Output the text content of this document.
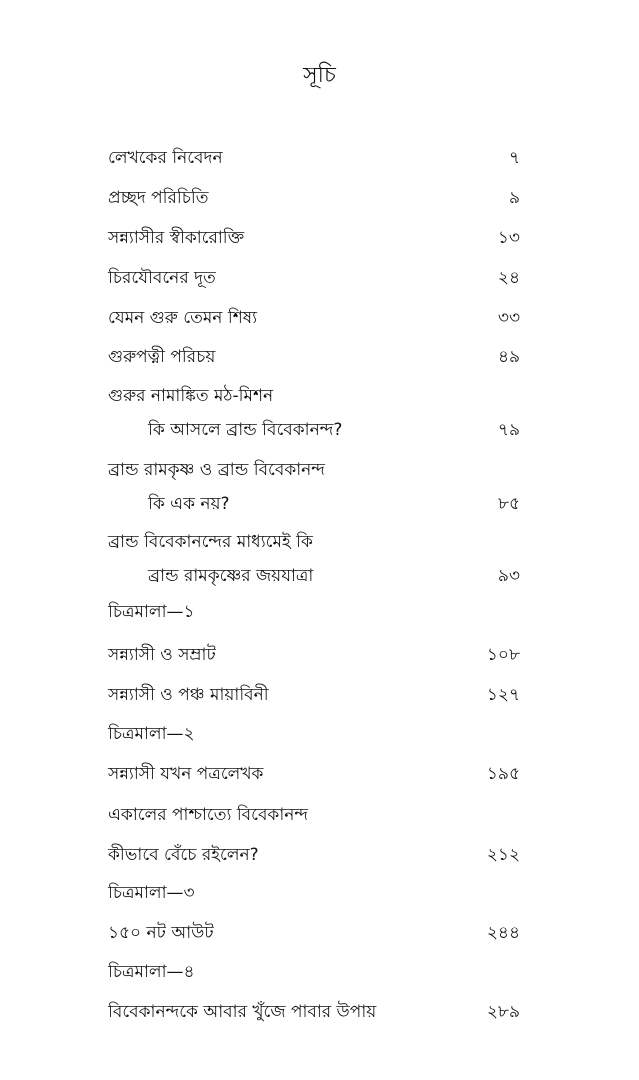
সূচি
লেখকের নিবেদন	৭
প্রচ্ছদ পরিচিতি	৯
সন্ন্যাসীর স্বীকারোক্তি	১৩
চিরযৌবনের দূত	২৪
যেমন গুরু তেমন শিষ্য	৩৩
গুরুপত্নী পরিচয়	৪৯
গুরুর নামাঙ্কিত মঠ-মিশন
কি আসলে ব্রান্ড বিবেকানন্দ?	৭৯
ব্রান্ড রামকৃষ্ণ ও ব্রান্ড বিবেকানন্দ
কি এক নয়?	৮৫
ব্রান্ড বিবেকানন্দের মাধ্যমেই কি
ব্রান্ড রামকৃষ্ণের জয়যাত্রা	৯৩
চিত্রমালা—১
সন্ন্যাসী ও সম্রাট	১০৮
সন্ন্যাসী ও পঞ্চ মায়াবিনী	১২৭
চিত্রমালা—২
সন্ন্যাসী যখন পত্রলেখক	১৯৫
একালের পাশ্চাত্যে বিবেকানন্দ
কীভাবে বেঁচে রইলেন?	২১২
চিত্রমালা—৩
১৫০ নট আউট	২৪৪
চিত্রমালা—৪
বিবেকানন্দকে আবার খুঁজে পাবার উপায়	২৮৯
